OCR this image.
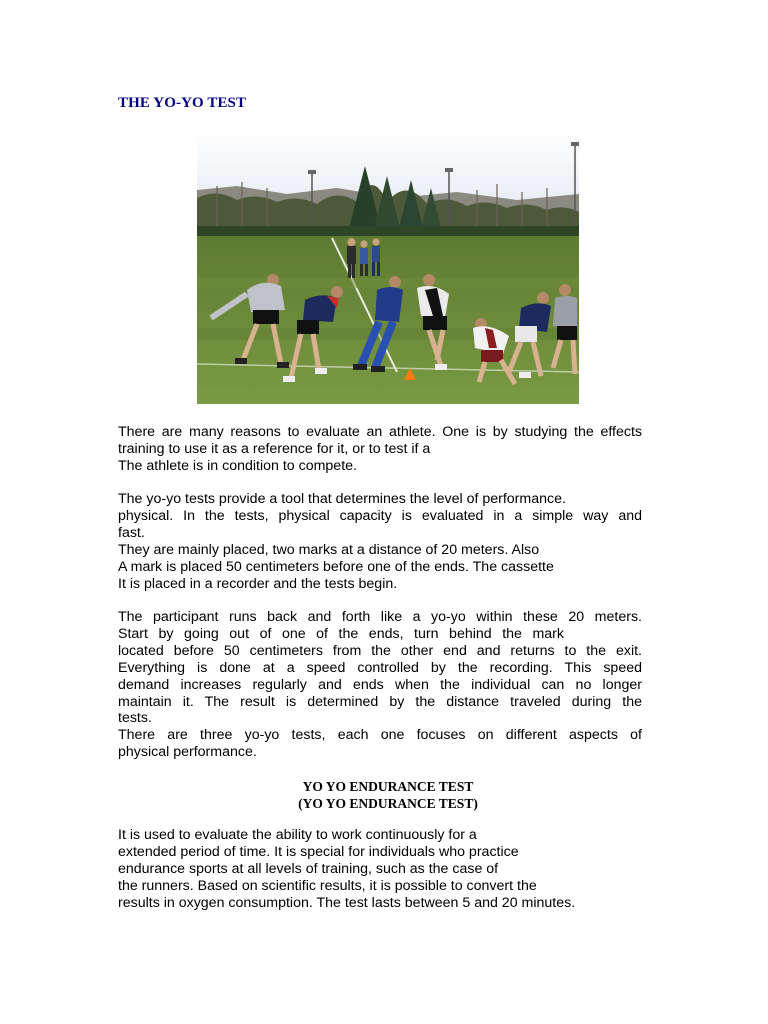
THE YO-YO TEST
There are many reasons to evaluate an athlete. One is by studying the effects
training to use it as a reference for it, or to test if a
The athlete is in condition to compete.
The yo-yo tests provide a tool that determines the level of performance.
physical. In the tests, physical capacity is evaluated in a simple way and
fast.
They are mainly placed, two marks at a distance of 20 meters. Also
A mark is placed 50 centimeters before one of the ends. The cassette
It is placed in a recorder and the tests begin.
The participant runs back and forth like a yo-yo within these 20 meters.
Start by going out of one of the ends, turn behind the mark
located before 50 centimeters from the other end and returns to the exit.
Everything is done at a speed controlled by the recording. This speed
demand increases regularly and ends when the individual can no longer
maintain it. The result is determined by the distance traveled during the
tests.
There are three yo-yo tests, each one focuses on different aspects of
physical performance.
YO YO ENDURANCE TEST
(YO YO ENDURANCE TEST)
It is used to evaluate the ability to work continuously for a
extended period of time. It is special for individuals who practice
endurance sports at all levels of training, such as the case of
the runners. Based on scientific results, it is possible to convert the
results in oxygen consumption. The test lasts between 5 and 20 minutes.
